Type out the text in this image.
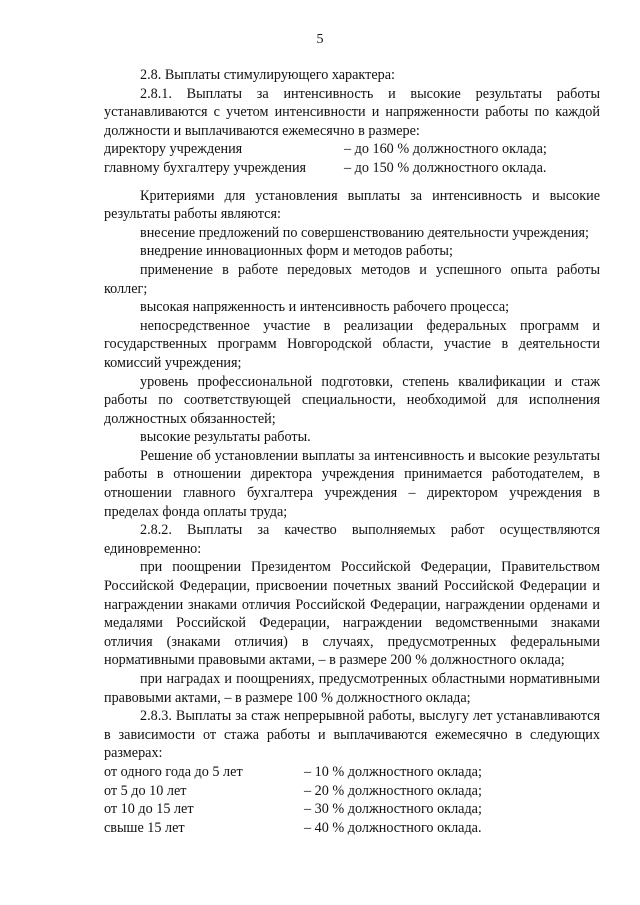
5

2.8. Выплаты стимулирующего характера:

2.8.1. Выплаты за интенсивность и высокие результаты работы устанавливаются с учетом интенсивности и напряженности работы по каждой должности и выплачиваются ежемесячно в размере:

директору учреждения	– до 160 % должностного оклада;
главному бухгалтеру учреждения	– до 150 % должностного оклада.

Критериями для установления выплаты за интенсивность и высокие результаты работы являются:

внесение предложений по совершенствованию деятельности учреждения;

внедрение инновационных форм и методов работы;

применение в работе передовых методов и успешного опыта работы коллег;

высокая напряженность и интенсивность рабочего процесса;

непосредственное участие в реализации федеральных программ и государственных программ Новгородской области, участие в деятельности комиссий учреждения;

уровень профессиональной подготовки, степень квалификации и стаж работы по соответствующей специальности, необходимой для исполнения должностных обязанностей;

высокие результаты работы.

Решение об установлении выплаты за интенсивность и высокие результаты работы в отношении директора учреждения принимается работодателем, в отношении главного бухгалтера учреждения – директором учреждения в пределах фонда оплаты труда;

2.8.2. Выплаты за качество выполняемых работ осуществляются единовременно:

при поощрении Президентом Российской Федерации, Правительством Российской Федерации, присвоении почетных званий Российской Федерации и награждении знаками отличия Российской Федерации, награждении орденами и медалями Российской Федерации, награждении ведомственными знаками отличия (знаками отличия) в случаях, предусмотренных федеральными нормативными правовыми актами, – в размере 200 % должностного оклада;

при наградах и поощрениях, предусмотренных областными нормативными правовыми актами, – в размере 100 % должностного оклада;

2.8.3. Выплаты за стаж непрерывной работы, выслугу лет устанавливаются в зависимости от стажа работы и выплачиваются ежемесячно в следующих размерах:

от одного года до 5 лет	– 10 % должностного оклада;
от 5 до 10 лет	– 20 % должностного оклада;
от 10 до 15 лет	– 30 % должностного оклада;
свыше 15 лет	– 40 % должностного оклада.
